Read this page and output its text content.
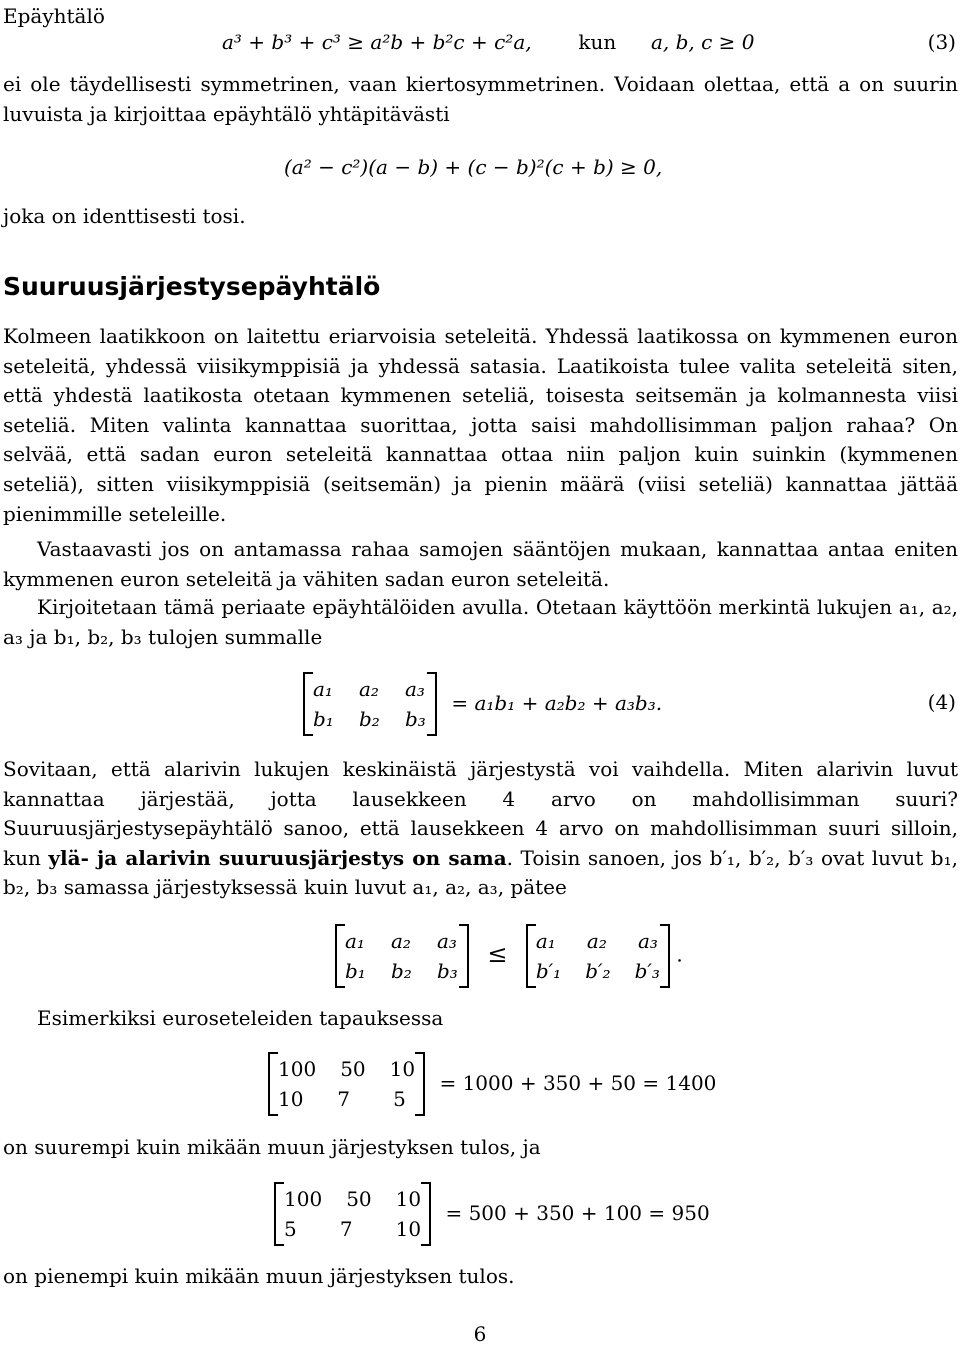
Epäyhtälö
a³ + b³ + c³ ≥ a²b + b²c + c²a, kun a, b, c ≥ 0	(3)

ei ole täydellisesti symmetrinen, vaan kiertosymmetrinen. Voidaan olettaa, että a on suurin luvuista ja kirjoittaa epäyhtälö yhtäpitävästi

(a² − c²)(a − b) + (c − b)²(c + b) ≥ 0,
joka on identtisesti tosi.
Suuruusjärjestysepäyhtälö

Kolmeen laatikkoon on laitettu eriarvoisia seteleitä. Yhdessä laatikossa on kymmenen euron seteleitä, yhdessä viisikymppisiä ja yhdessä satasia. Laatikoista tulee valita seteleitä siten, että yhdestä laatikosta otetaan kymmenen seteliä, toisesta seitsemän ja kolmannesta viisi seteliä. Miten valinta kannattaa suorittaa, jotta saisi mahdollisimman paljon rahaa? On selvää, että sadan euron seteleitä kannattaa ottaa niin paljon kuin suinkin (kymmenen seteliä), sitten viisikymppisiä (seitsemän) ja pienin määrä (viisi seteliä) kannattaa jättää pienimmille seteleille.

Vastaavasti jos on antamassa rahaa samojen sääntöjen mukaan, kannattaa antaa eniten kymmenen euron seteleitä ja vähiten sadan euron seteleitä.

Kirjoitetaan tämä periaate epäyhtälöiden avulla. Otetaan käyttöön merkintä lukujen a₁, a₂, a₃ ja b₁, b₂, b₃ tulojen summalle

a₁ a₂ a₃
b₁ b₂ b₃
= a₁b₁ + a₂b₂ + a₃b₃.	(4)

Sovitaan, että alarivin lukujen keskinäistä järjestystä voi vaihdella. Miten alarivin luvut kannattaa järjestää, jotta lausekkeen 4 arvo on mahdollisimman suuri? Suuruusjärjestysepäyhtälö sanoo, että lausekkeen 4 arvo on mahdollisimman suuri silloin, kun ylä- ja alarivin suuruusjärjestys on sama. Toisin sanoen, jos b′₁, b′₂, b′₃ ovat luvut b₁, b₂, b₃ samassa järjestyksessä kuin luvut a₁, a₂, a₃, pätee

a₁ a₂ a₃
b₁ b₂ b₃
≤ a₁ a₂ a₃
b′₁ b′₂ b′₃
.
Esimerkiksi euroseteleiden tapauksessa
100 50 10
10 7	5
= 1000 + 350 + 50 = 1400
on suurempi kuin mikään muun järjestyksen tulos, ja
100 50 10
5	7	10
= 500 + 350 + 100 = 950
on pienempi kuin mikään muun järjestyksen tulos.
6
